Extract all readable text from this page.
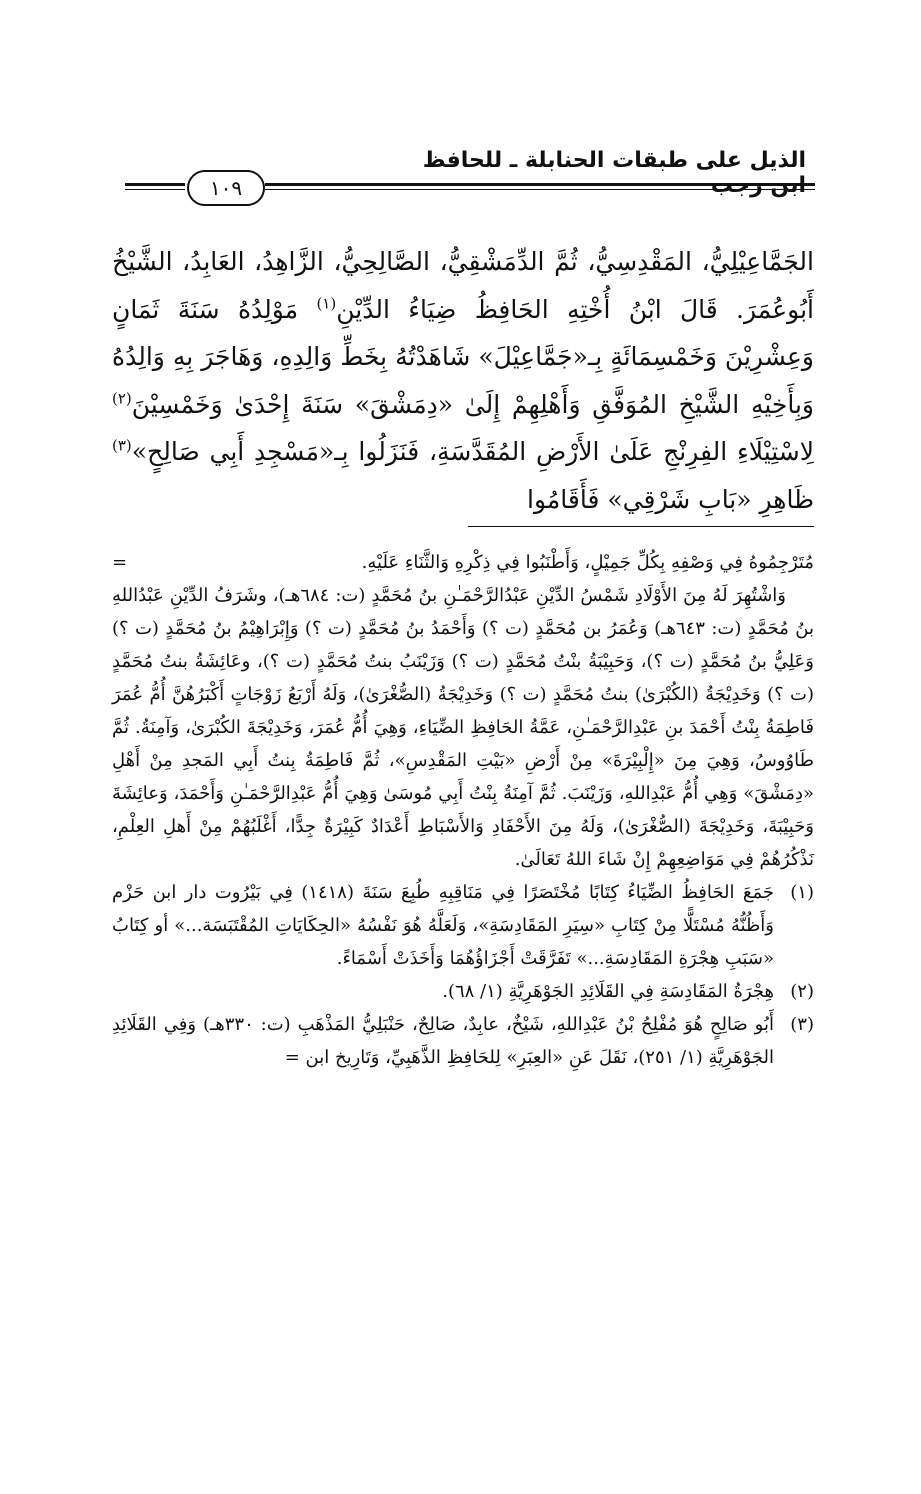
الذيل على طبقات الحنابلة ـ للحافظ ابن رجب
١٠٩
الجَمَّاعِيْلِيُّ، المَقْدِسِيُّ، ثُمَّ الدِّمَشْقِيُّ، الصَّالِحِيُّ، الزَّاهِدُ، العَابِدُ، الشَّيْخُ أَبُوعُمَرَ. قَالَ ابْنُ أُخْتِهِ الحَافِظُ ضِيَاءُ الدِّيْنِ$^{(١)}$ مَوْلِدُهُ سَنَةَ ثَمَانٍ وَعِشْرِيْنَ وَخَمْسِمَائَةٍ بِـ«جَمَّاعِيْلَ» شَاهَدْتُهُ بِخَطِّ وَالِدِهِ، وَهَاجَرَ بِهِ وَالِدُهُ وَبِأَخِيْهِ الشَّيْخِ المُوَفَّقِ وَأَهْلِهِمْ إِلَىٰ «دِمَشْقَ» سَنَةَ إِحْدَىٰ وَخَمْسِيْنَ$^{(٢)}$ لِاسْتِيْلَاءِ الفِرِنْجِ عَلَىٰ الأَرْضِ المُقَدَّسَةِ، فَنَزَلُوا بِـ«مَسْجِدِ أَبِي صَالِحٍ»$^{(٣)}$ ظَاهِرِ «بَابِ شَرْقِي» فَأَقَامُوا
مُتَرْجِمُوهُ فِي وَصْفِهِ بِكُلِّ جَمِيْلٍ، وَأَطْنَبُوا فِي ذِكْرِهِ وَالثَّنَاءِ عَلَيْهِ.
=

وَاشْتُهِرَ لَهُ مِنَ الأَوْلَادِ شَمْسُ الدِّيْنِ عَبْدُالرَّحْمَـٰنِ بنُ مُحَمَّدٍ (ت: ٦٨٤هـ)، وشَرَفُ الدِّيْنِ عَبْدُاللهِ بنُ مُحَمَّدٍ (ت: ٦٤٣هـ) وَعُمَرُ بن مُحَمَّدٍ (ت ؟) وَأَحْمَدُ بنُ مُحَمَّدٍ (ت ؟) وَإِبْرَاهِيْمُ بنُ مُحَمَّدٍ (ت ؟) وَعَلِيُّ بنُ مُحَمَّدٍ (ت ؟)، وَحَبِيْبَةُ بنْتُ مُحَمَّدٍ (ت ؟) وَزَيْنَبُ بنتُ مُحَمَّدٍ (ت ؟)، وعَائِشَةُ بنتُ مُحَمَّدٍ (ت ؟) وَخَدِيْجَةُ (الكُبْرَىٰ) بنتُ مُحَمَّدٍ (ت ؟) وَخَدِيْجَةُ (الصُّغْرَىٰ)، وَلَهُ أَرْبَعُ زَوْجَاتٍ أَكْبَرُهُنَّ أُمُّ عُمَرَ فَاطِمَةُ بِنْتُ أَحْمَدَ بنِ عَبْدِالرَّحْمَـٰنِ، عَمَّةُ الحَافِظِ الضِّيَاءِ، وَهِيَ أُمُّ عُمَرَ، وَخَدِيْجَةَ الكُبْرَىٰ، وَآمِنَةُ. ثُمَّ طَاوُوسُ، وَهِيَ مِنَ «إِلْبِيْرَةَ» مِنْ أَرْضِ «بَيْتِ المَقْدِسِ»، ثُمَّ فَاطِمَةُ بِنتُ أَبِي المَجدِ مِنْ أَهْلِ «دِمَشْقَ» وَهِي أُمُّ عَبْدِاللهِ، وَزَيْنَبَ. ثُمَّ آمِنَةُ بِنْتُ أَبِي مُوسَىٰ وَهِيَ أُمُّ عَبْدِالرَّحْمَـٰنِ وَأَحْمَدَ، وَعائِشَةَ وَحَبِيْبَةَ، وَخَدِيْجَةَ (الصُّغْرَىٰ)، وَلَهُ مِنَ الأَحْفَادِ وَالأَسْبَاطِ أَعْدَادٌ كَبِيْرَةٌ جِدًّا، أَغْلَبُهُمْ مِنْ أَهلِ العِلْمِ، نَذْكُرُهُمْ فِي مَوَاضِعِهِمْ إِنْ شَاءَ اللهُ تَعَالَىٰ.

(١)
جَمَعَ الحَافِظُ الضِّيَاءُ كِتَابًا مُخْتَصَرًا فِي مَنَاقِبِهِ طُبِعَ سَنَةَ (١٤١٨) فِي بَيْرُوت دار ابن حَزْم وَأَظُنُّهُ مُسْتَلًّا مِنْ كِتَابِ «سِيَرِ المَقَادِسَةِ»، وَلَعَلَّهُ هُوَ نَفْسُهُ «الحِكَايَاتِ المُقْتَبَسَة...» أو كِتَابُ «سَبَبِ هِجْرَةِ المَقَادِسَةِ...» تَفَرَّقَتْ أَجْزَاؤُهُمَا وَأَخَذَتْ أَسْمَاءً.
(٢)
هِجْرَةُ المَقَادِسَةِ فِي القَلَائِدِ الجَوْهَرِيَّةِ (١/ ٦٨).
(٣)
أَبُو صَالِحٍ هُوَ مُفْلِحُ بْنُ عَبْدِاللهِ، شَيْخٌ، عابِدٌ، صَالِحٌ، حَنْبَلِيُّ المَذْهَبِ (ت: ٣٣٠هـ) وَفِي القَلَائِدِ الجَوْهَرِيَّةِ (١/ ٢٥١)، نَقَلَ عَنِ «العِبَرِ» لِلحَافِظِ الذَّهَبِيِّ، وَتَارِيخ ابن =
